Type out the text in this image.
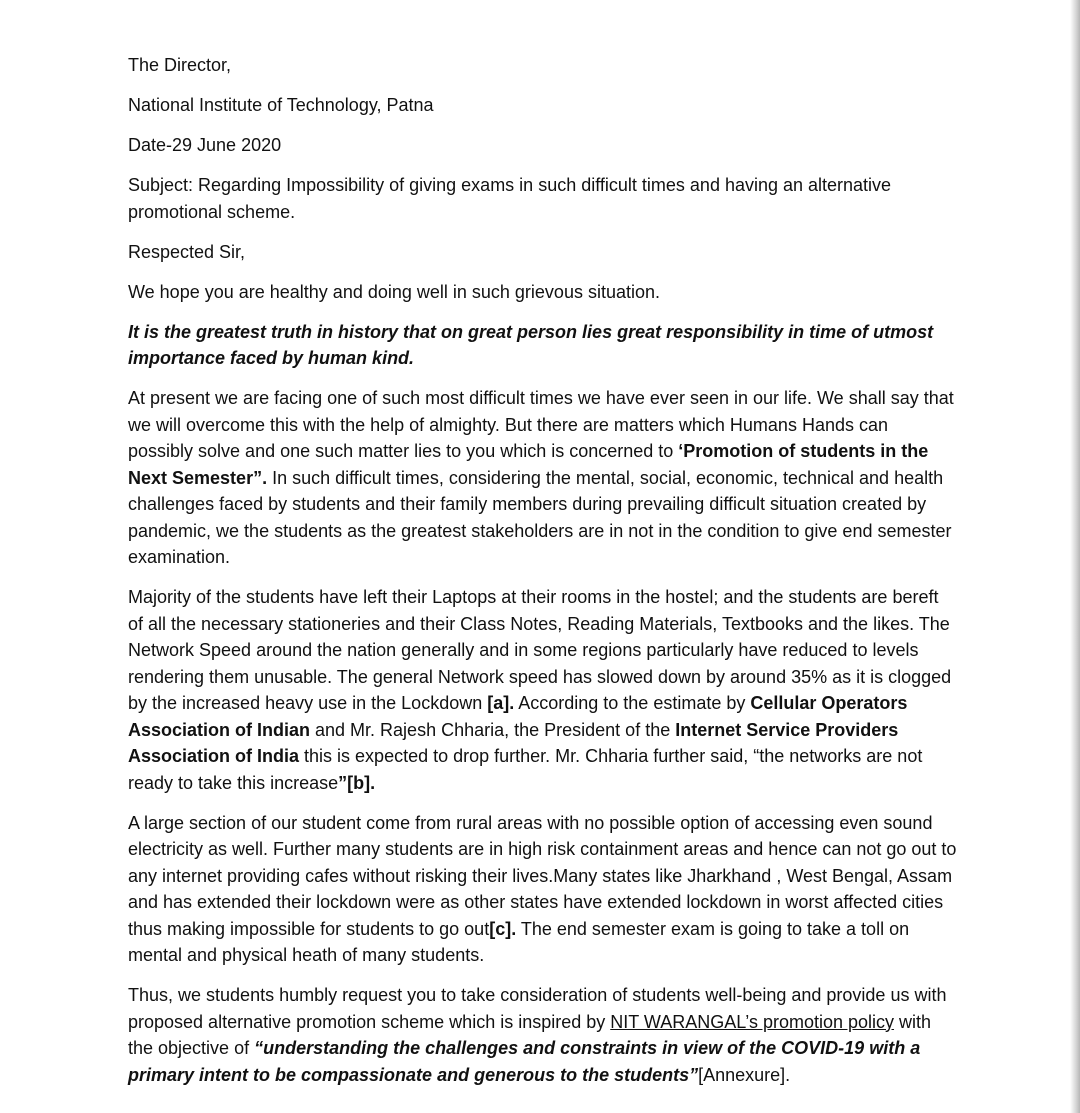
The Director,

National Institute of Technology, Patna

Date-29 June 2020

Subject: Regarding Impossibility of giving exams in such difficult times and having an alternative promotional scheme.

Respected Sir,

We hope you are healthy and doing well in such grievous situation.

It is the greatest truth in history that on great person lies great responsibility in time of utmost importance faced by human kind.

At present we are facing one of such most difficult times we have ever seen in our life. We shall say that we will overcome this with the help of almighty. But there are matters which Humans Hands can possibly solve and one such matter lies to you which is concerned to ‘Promotion of students in the Next Semester”. In such difficult times, considering the mental, social, economic, technical and health challenges faced by students and their family members during prevailing difficult situation created by pandemic, we the students as the greatest stakeholders are in not in the condition to give end semester examination.

Majority of the students have left their Laptops at their rooms in the hostel; and the students are bereft of all the necessary stationeries and their Class Notes, Reading Materials, Textbooks and the likes. The Network Speed around the nation generally and in some regions particularly have reduced to levels rendering them unusable. The general Network speed has slowed down by around 35% as it is clogged by the increased heavy use in the Lockdown [a]. According to the estimate by Cellular Operators Association of Indian and Mr. Rajesh Chharia, the President of the Internet Service Providers Association of India this is expected to drop further. Mr. Chharia further said, “the networks are not ready to take this increase”[b].

A large section of our student come from rural areas with no possible option of accessing even sound electricity as well. Further many students are in high risk containment areas and hence can not go out to any internet providing cafes without risking their lives.Many states like Jharkhand , West Bengal, Assam and has extended their lockdown were as other states have extended lockdown in worst affected cities thus making impossible for students to go out[c]. The end semester exam is going to take a toll on mental and physical heath of many students.

Thus, we students humbly request you to take consideration of students well-being and provide us with proposed alternative promotion scheme which is inspired by NIT WARANGAL’s promotion policy with the objective of “understanding the challenges and constraints in view of the COVID-19 with a primary intent to be compassionate and generous to the students”[Annexure].
